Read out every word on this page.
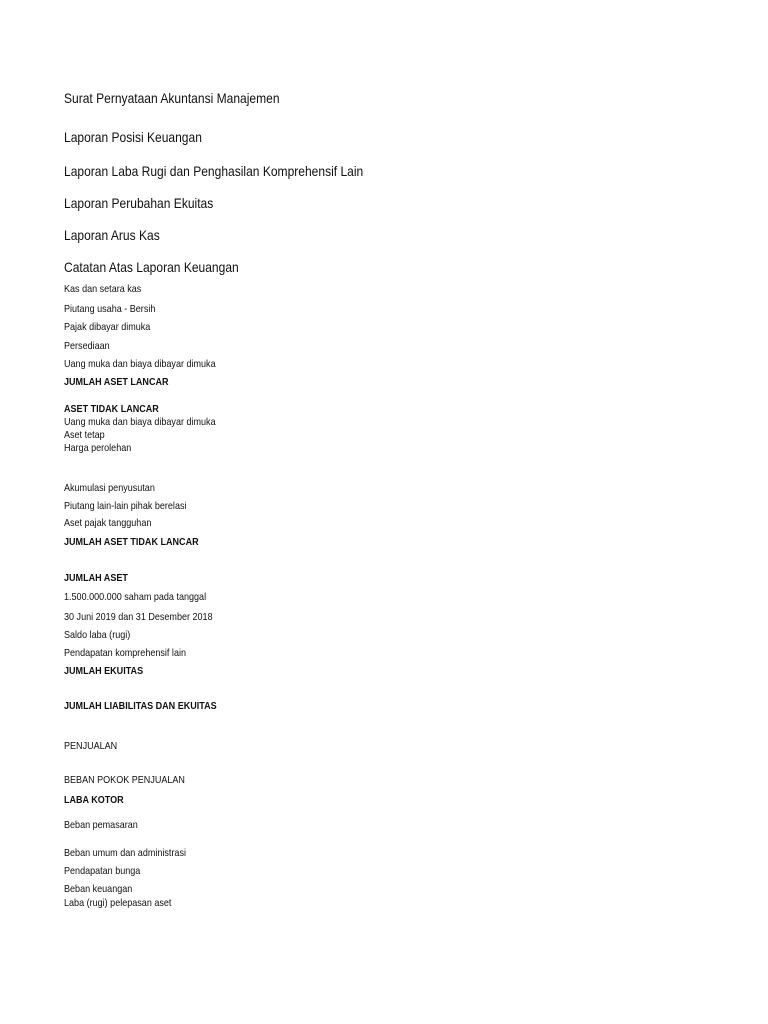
Surat Pernyataan Akuntansi Manajemen
Laporan Posisi Keuangan
Laporan Laba Rugi dan Penghasilan Komprehensif Lain
Laporan Perubahan Ekuitas
Laporan Arus Kas
Catatan Atas Laporan Keuangan
Kas dan setara kas
Piutang usaha - Bersih
Pajak dibayar dimuka
Persediaan
Uang muka dan biaya dibayar dimuka
JUMLAH ASET LANCAR
ASET TIDAK LANCAR
Uang muka dan biaya dibayar dimuka
Aset tetap
Harga perolehan
Akumulasi penyusutan
Piutang lain-lain pihak berelasi
Aset pajak tangguhan
JUMLAH ASET TIDAK LANCAR
JUMLAH ASET
1.500.000.000 saham pada tanggal
30 Juni 2019 dan 31 Desember 2018
Saldo laba (rugi)
Pendapatan komprehensif lain
JUMLAH EKUITAS
JUMLAH LIABILITAS DAN EKUITAS
PENJUALAN
BEBAN POKOK PENJUALAN
LABA KOTOR
Beban pemasaran
Beban umum dan administrasi
Pendapatan bunga
Beban keuangan
Laba (rugi) pelepasan aset
